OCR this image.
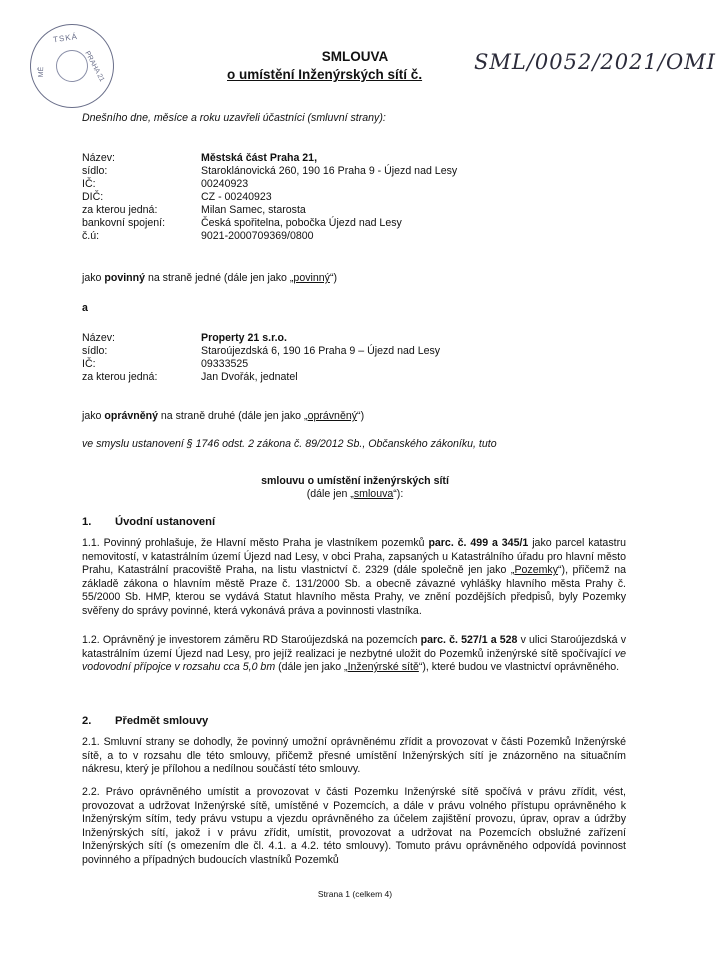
TSKÁ
PRAHA 21
MĚ
SMLOUVA
o umístění Inženýrských sítí č.
SML/0052/2021/OMI
Dnešního dne, měsíce a roku uzavřeli účastníci (smluvní strany):
Název:	Městská část Praha 21,
sídlo:	Staroklánovická 260, 190 16 Praha 9 - Újezd nad Lesy
IČ:	00240923
DIČ:	CZ - 00240923
za kterou jedná:	Milan Samec, starosta
bankovní spojení:	Česká spořitelna, pobočka Újezd nad Lesy
č.ú:	9021-2000709369/0800
jako povinný na straně jedné (dále jen jako „povinný“)
a
Název:	Property 21 s.r.o.
sídlo:	Staroújezdská 6, 190 16 Praha 9 – Újezd nad Lesy
IČ:	09333525
za kterou jedná:	Jan Dvořák, jednatel
jako oprávněný na straně druhé (dále jen jako „oprávněný“)
ve smyslu ustanovení § 1746 odst. 2 zákona č. 89/2012 Sb., Občanského zákoníku, tuto
smlouvu o umístění inženýrských sítí
(dále jen „smlouva“):
1. Úvodní ustanovení
1.1. Povinný prohlašuje, že Hlavní město Praha je vlastníkem pozemků parc. č. 499 a 345/1 jako parcel katastru nemovitostí, v katastrálním území Újezd nad Lesy, v obci Praha, zapsaných u Katastrálního úřadu pro hlavní město Prahu, Katastrální pracoviště Praha, na listu vlastnictví č. 2329 (dále společně jen jako „Pozemky“), přičemž na základě zákona o hlavním městě Praze č. 131/2000 Sb. a obecně závazné vyhlášky hlavního města Prahy č. 55/2000 Sb. HMP, kterou se vydává Statut hlavního města Prahy, ve znění pozdějších předpisů, byly Pozemky svěřeny do správy povinné, která vykonává práva a povinnosti vlastníka.
1.2. Oprávněný je investorem záměru RD Staroújezdská na pozemcích parc. č. 527/1 a 528 v ulici Staroújezdská v katastrálním území Újezd nad Lesy, pro jejíž realizaci je nezbytné uložit do Pozemků inženýrské sítě spočívající ve vodovodní přípojce v rozsahu cca 5,0 bm (dále jen jako „Inženýrské sítě“), které budou ve vlastnictví oprávněného.
2. Předmět smlouvy
2.1. Smluvní strany se dohodly, že povinný umožní oprávněnému zřídit a provozovat v části Pozemků Inženýrské sítě, a to v rozsahu dle této smlouvy, přičemž přesné umístění Inženýrských sítí je znázorněno na situačním nákresu, který je přílohou a nedílnou součástí této smlouvy.
2.2. Právo oprávněného umístit a provozovat v části Pozemku Inženýrské sítě spočívá v právu zřídit, vést, provozovat a udržovat Inženýrské sítě, umístěné v Pozemcích, a dále v právu volného přístupu oprávněného k Inženýrským sítím, tedy právu vstupu a vjezdu oprávněného za účelem zajištění provozu, úprav, oprav a údržby Inženýrských sítí, jakož i v právu zřídit, umístit, provozovat a udržovat na Pozemcích obslužné zařízení Inženýrských sítí (s omezením dle čl. 4.1. a 4.2. této smlouvy). Tomuto právu oprávněného odpovídá povinnost povinného a případných budoucích vlastníků Pozemků
Strana 1 (celkem 4)
